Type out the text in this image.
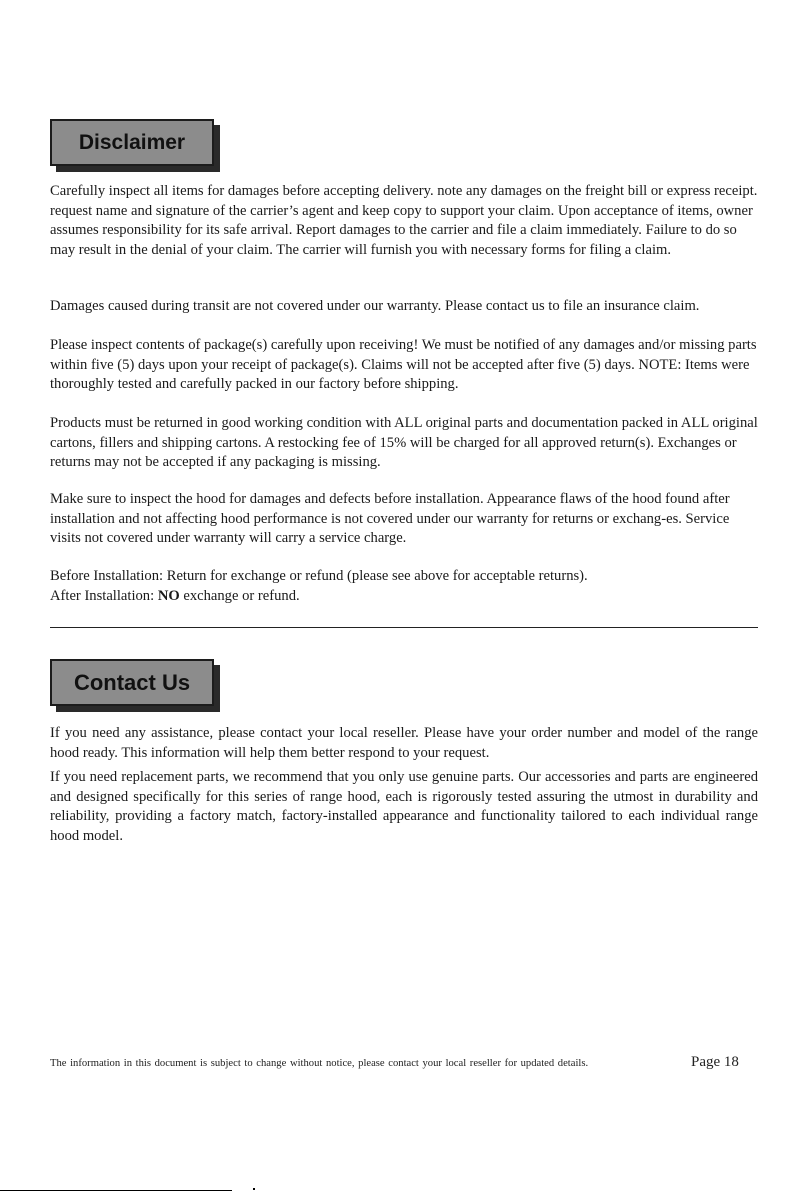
Disclaimer

Carefully inspect all items for damages before accepting delivery. note any damages on the freight bill or express receipt. request name and signature of the carrier’s agent and keep copy to support your claim. Upon acceptance of items, owner assumes responsibility for its safe arrival. Report damages to the carrier and file a claim immediately. Failure to do so may result in the denial of your claim. The carrier will furnish you with necessary forms for filing a claim.

Damages caused during transit are not covered under our warranty. Please contact us to file an insurance claim.

Please inspect contents of package(s) carefully upon receiving! We must be notified of any damages and/or missing parts within five (5) days upon your receipt of package(s). Claims will not be accepted after five (5) days. NOTE: Items were thoroughly tested and carefully packed in our factory before shipping.

Products must be returned in good working condition with ALL original parts and documentation packed in ALL original cartons, fillers and shipping cartons. A restocking fee of 15% will be charged for all approved return(s). Exchanges or returns may not be accepted if any packaging is missing.

Make sure to inspect the hood for damages and defects before installation. Appearance flaws of the hood found after installation and not affecting hood performance is not covered under our warranty for returns or exchang-es. Service visits not covered under warranty will carry a service charge.

Before Installation: Return for exchange or refund (please see above for acceptable returns).

After Installation: NO exchange or refund.

Contact Us

If you need any assistance, please contact your local reseller. Please have your order number and model of the range hood ready. This information will help them better respond to your request.

If you need replacement parts, we recommend that you only use genuine parts. Our accessories and parts are engineered and designed specifically for this series of range hood, each is rigorously tested assuring the utmost in durability and reliability, providing a factory match, factory-installed appearance and functionality tailored to each individual range hood model.

The information in this document is subject to change without notice, please contact your local reseller for updated details.	Page 18
